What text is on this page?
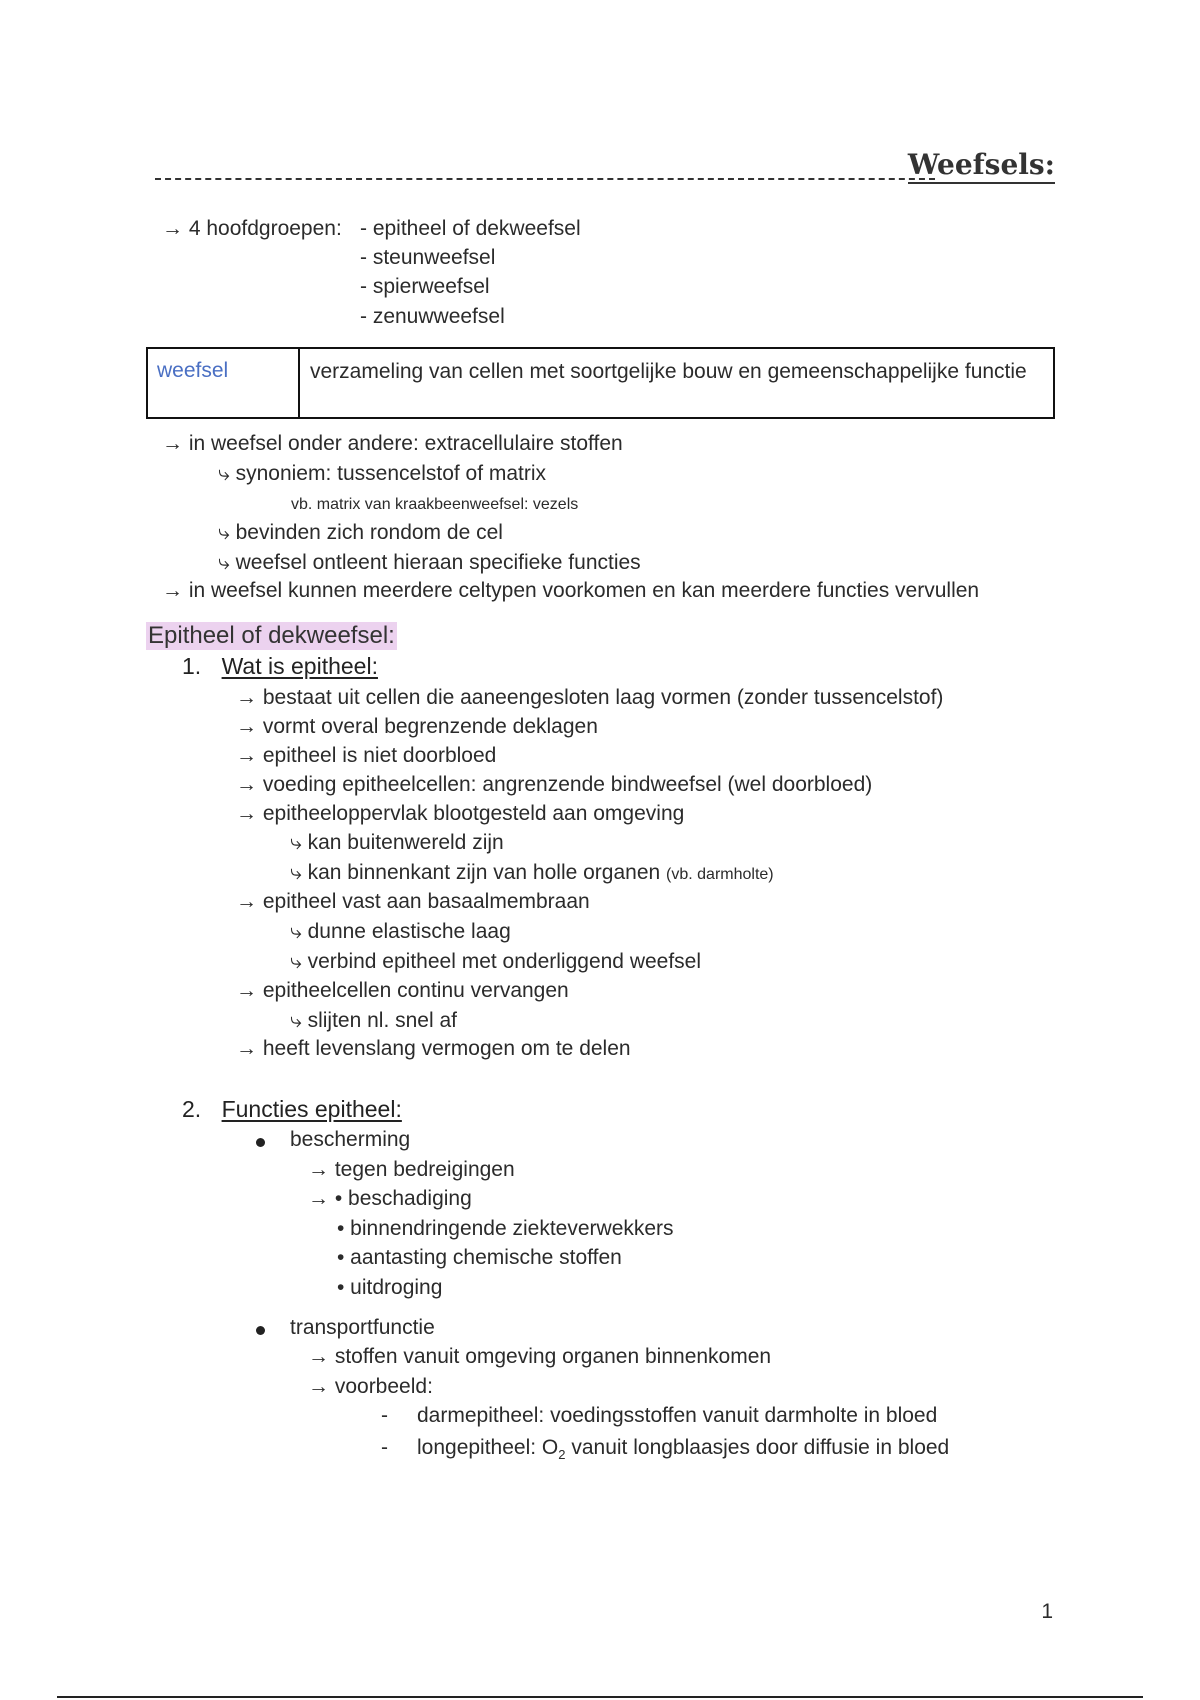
Weefsels:
→ 4 hoofdgroepen: - epitheel of dekweefsel
- steunweefsel
- spierweefsel
- zenuwweefsel
weefsel	verzameling van cellen met soortgelijke bouw en gemeenschappelijke functie
→ in weefsel onder andere: extracellulaire stoffen
⤷ synoniem: tussencelstof of matrix
vb. matrix van kraakbeenweefsel: vezels
⤷ bevinden zich rondom de cel
⤷ weefsel ontleent hieraan specifieke functies
→ in weefsel kunnen meerdere celtypen voorkomen en kan meerdere functies vervullen
Epitheel of dekweefsel:
1. Wat is epitheel:
→ bestaat uit cellen die aaneengesloten laag vormen (zonder tussencelstof)
→ vormt overal begrenzende deklagen
→ epitheel is niet doorbloed
→ voeding epitheelcellen: angrenzende bindweefsel (wel doorbloed)
→ epitheeloppervlak blootgesteld aan omgeving
⤷ kan buitenwereld zijn
⤷ kan binnenkant zijn van holle organen (vb. darmholte)
→ epitheel vast aan basaalmembraan
⤷ dunne elastische laag
⤷ verbind epitheel met onderliggend weefsel
→ epitheelcellen continu vervangen
⤷ slijten nl. snel af
→ heeft levenslang vermogen om te delen
2. Functies epitheel:
bescherming
→ tegen bedreigingen
→ • beschadiging
• binnendringende ziekteverwekkers
• aantasting chemische stoffen
• uitdroging
transportfunctie
→ stoffen vanuit omgeving organen binnenkomen
→ voorbeeld:
- darmepitheel: voedingsstoffen vanuit darmholte in bloed
- longepitheel: $O_2$ vanuit longblaasjes door diffusie in bloed
1
